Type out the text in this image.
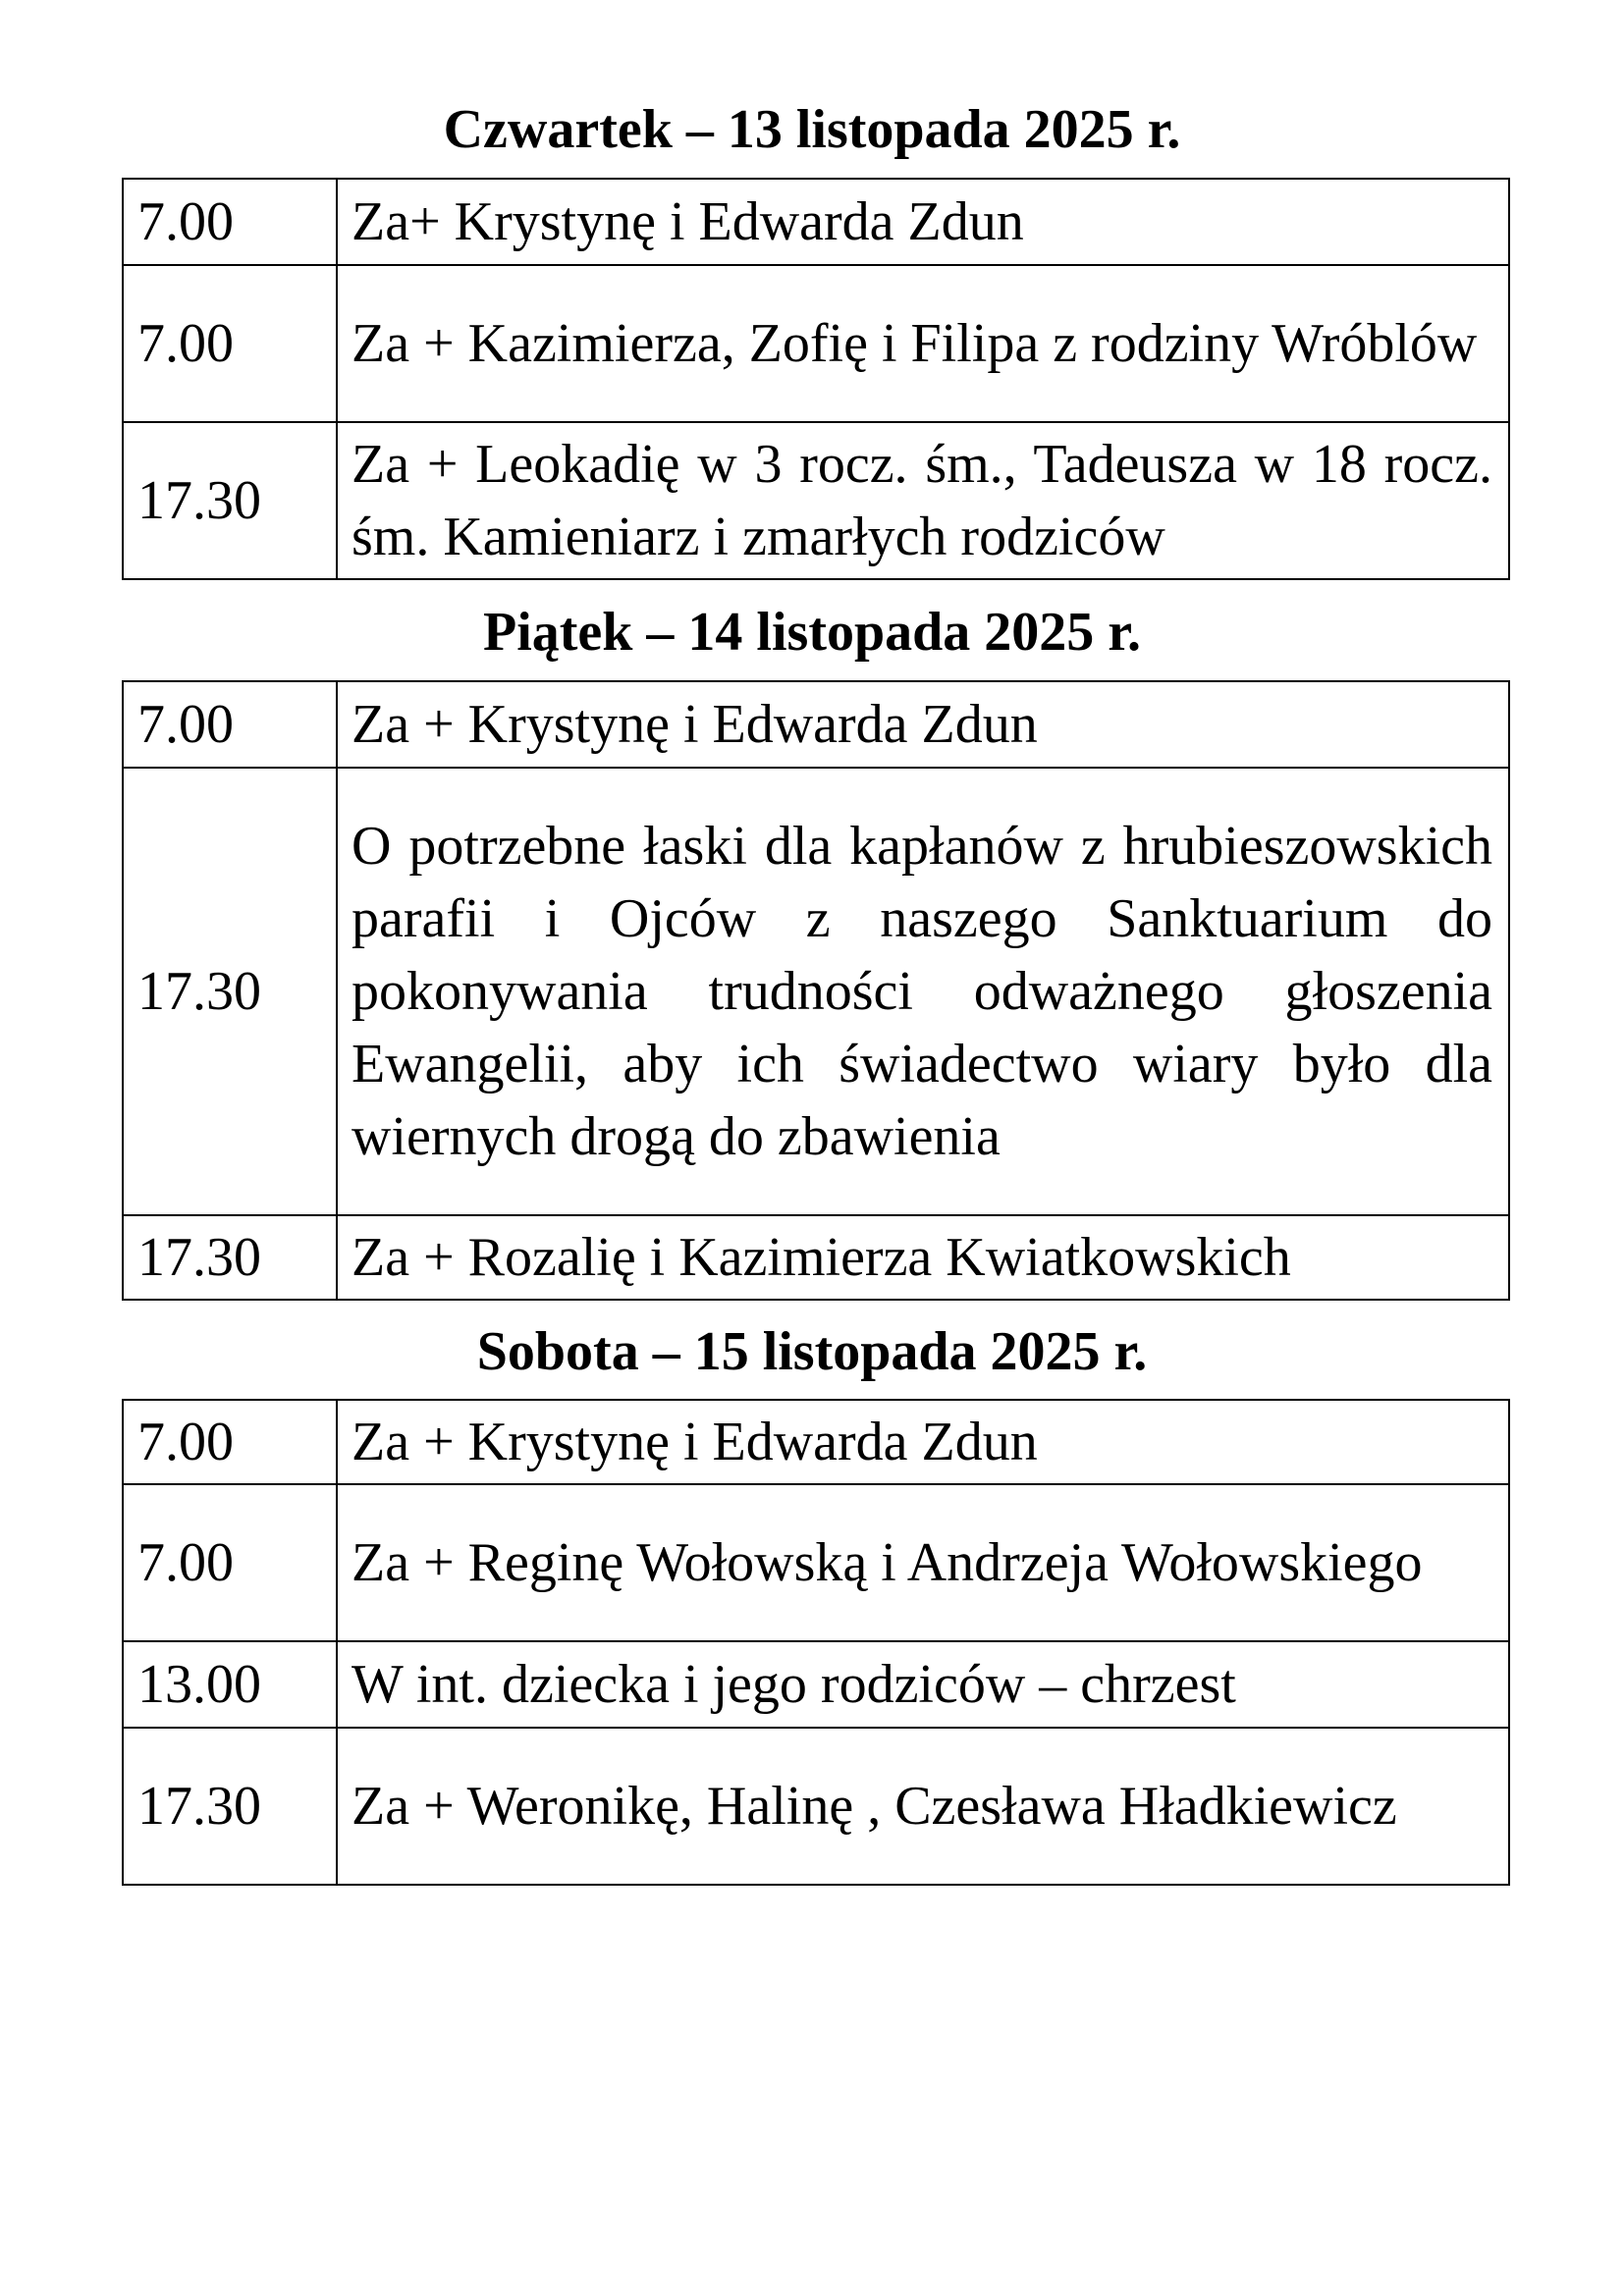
Czwartek – 13 listopada 2025 r.
7.00	Za+ Krystynę i Edwarda Zdun
7.00	Za + Kazimierza, Zofię i Filipa z rodziny Wróblów
17.30	Za + Leokadię w 3 rocz. śm., Tadeusza w 18 rocz. śm. Kamieniarz i zmarłych rodziców
Piątek – 14 listopada 2025 r.
7.00	Za + Krystynę i Edwarda Zdun
17.30	O potrzebne łaski dla kapłanów z hrubieszowskich parafii i Ojców z naszego Sanktuarium do pokonywania trudności odważnego głoszenia Ewangelii, aby ich świadectwo wiary było dla wiernych drogą do zbawienia
17.30	Za + Rozalię i Kazimierza Kwiatkowskich
Sobota – 15 listopada 2025 r.
7.00	Za + Krystynę i Edwarda Zdun
7.00	Za + Reginę Wołowską i Andrzeja Wołowskiego
13.00	W int. dziecka i jego rodziców – chrzest
17.30	Za + Weronikę, Halinę , Czesława Hładkiewicz
